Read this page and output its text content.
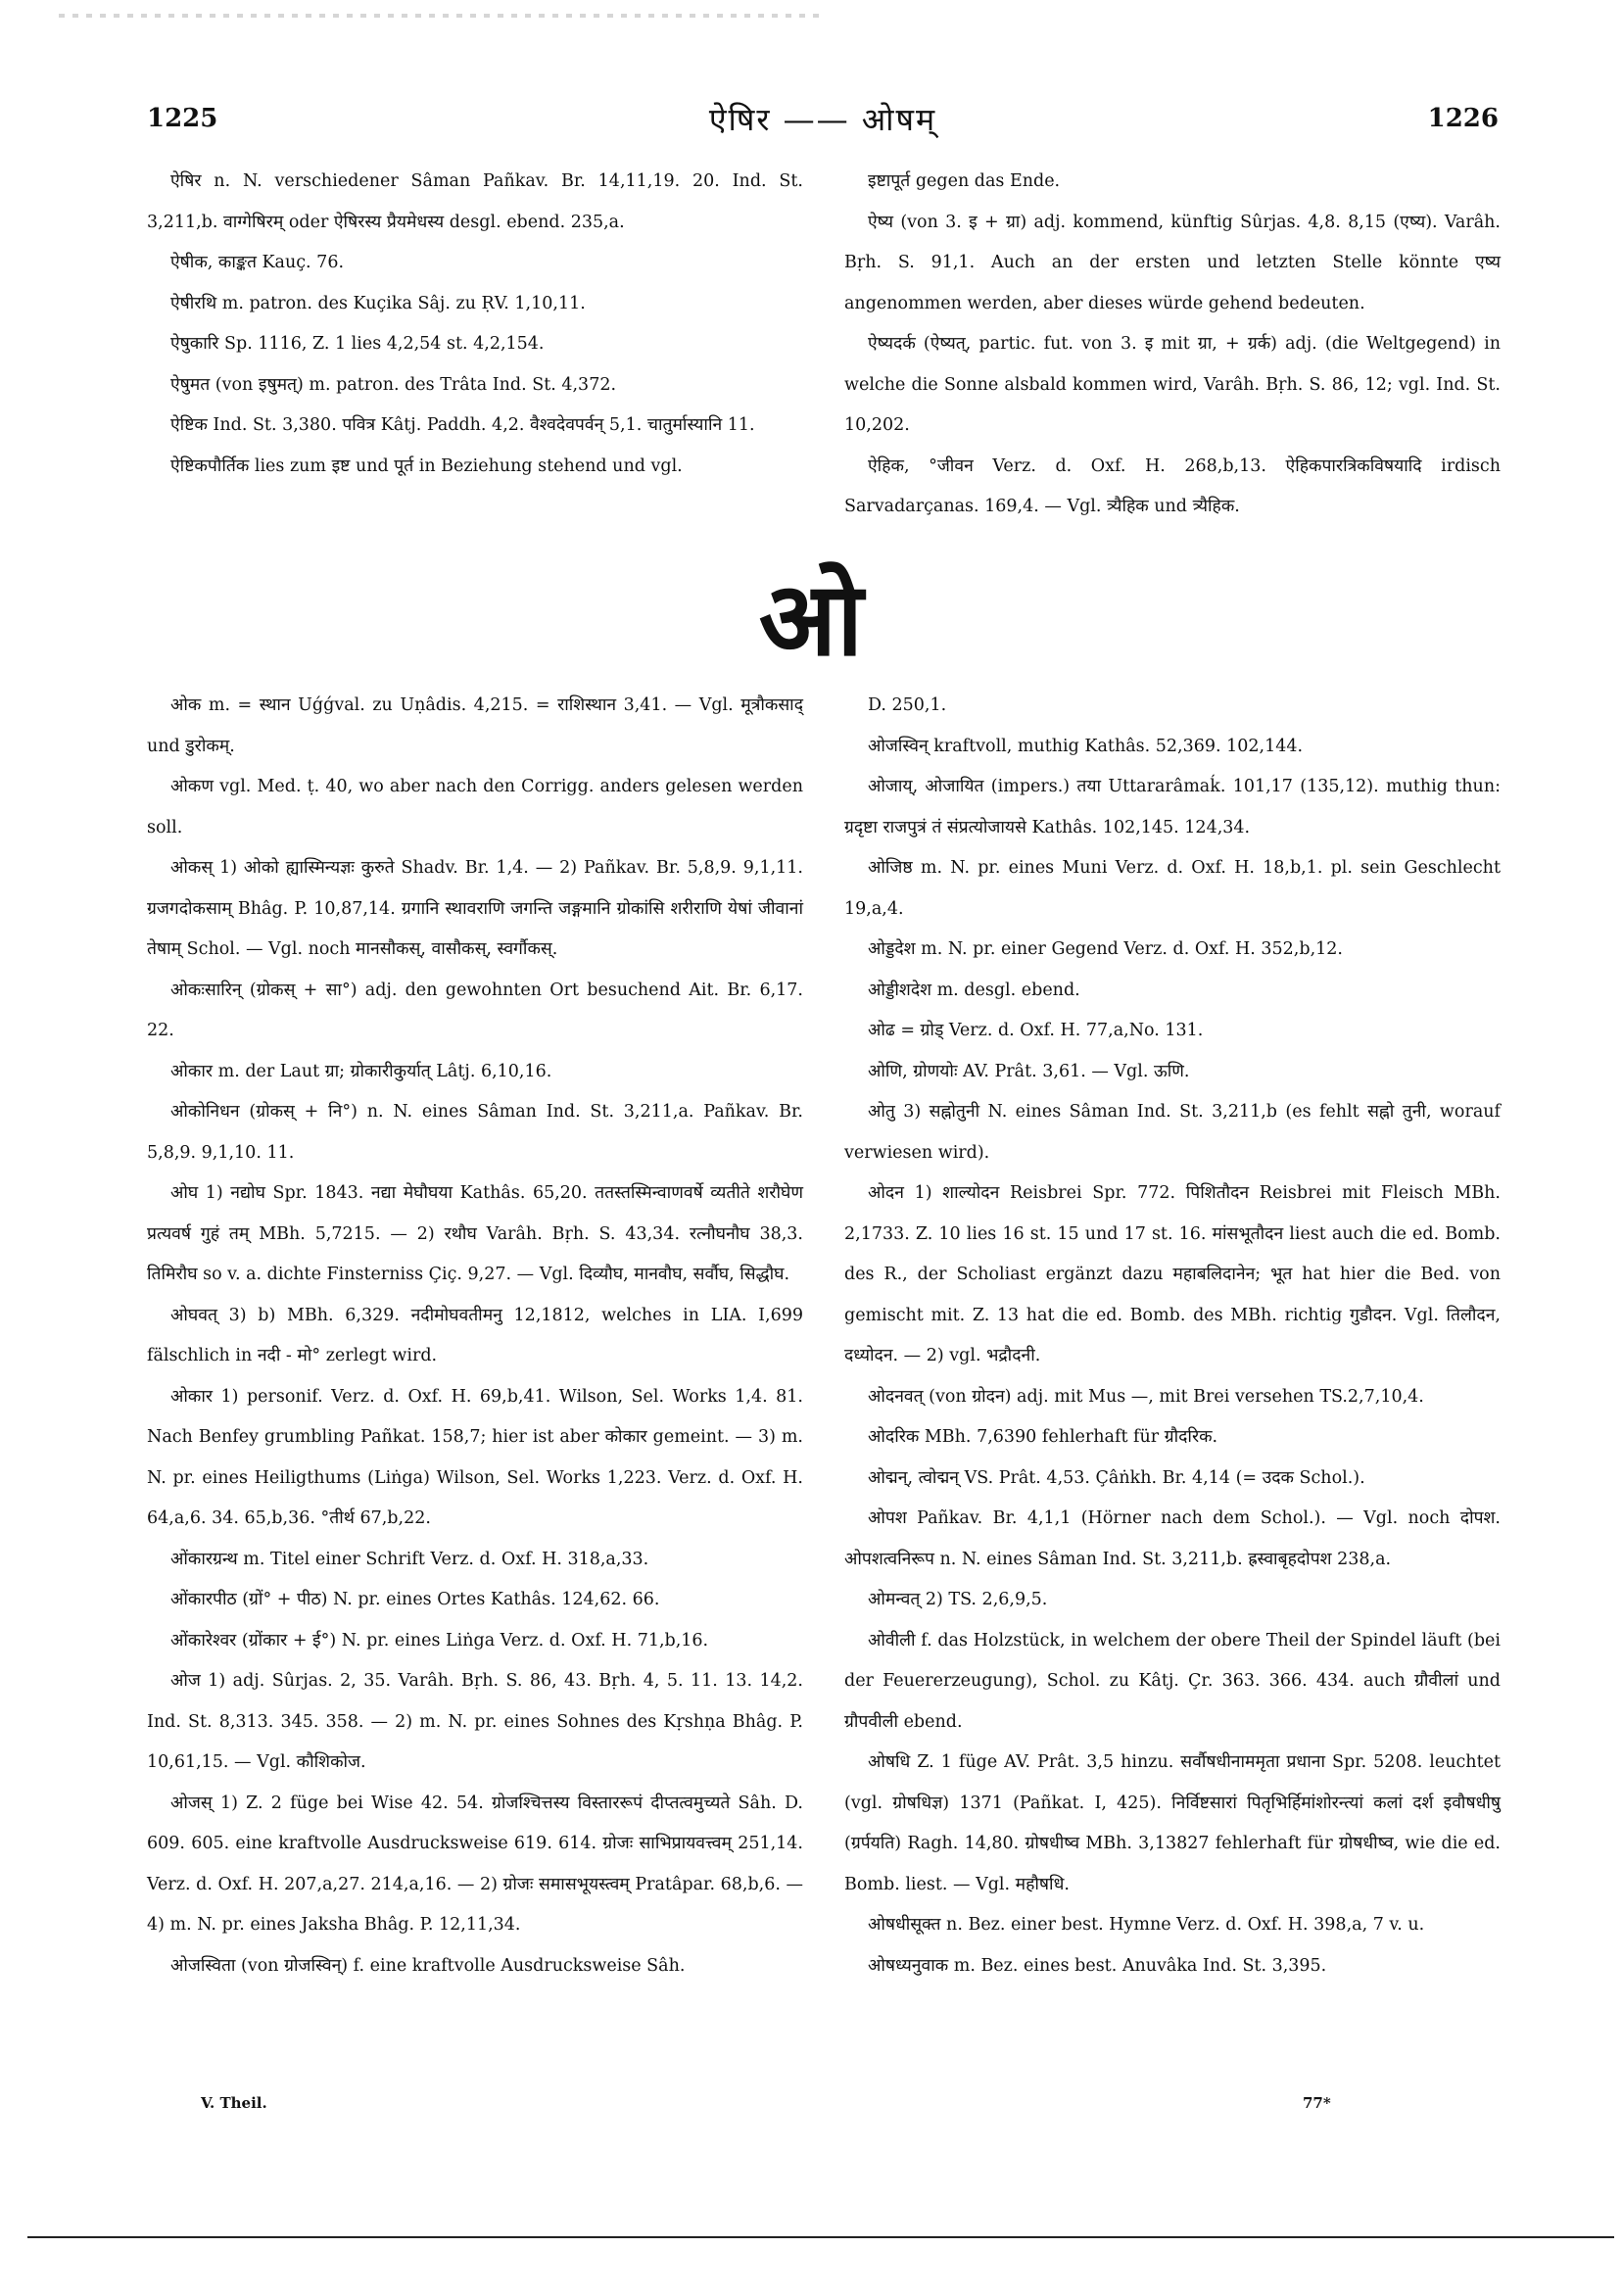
1225	ऐषिर —— ओषम्	1226

ऐषिर n. N. verschiedener Sâman Pañkav. Br. 14,11,19. 20. Ind. St. 3,211,b. वाग्गेषिरम् oder ऐषिरस्य प्रैयमेधस्य desgl. ebend. 235,a.

ऐषीक, काङ्कत Kauç. 76.

ऐषीरथि m. patron. des Kuçika Sâj. zu ṚV. 1,10,11.

ऐषुकारि Sp. 1116, Z. 1 lies 4,2,54 st. 4,2,154.

ऐषुमत (von इषुमत्) m. patron. des Trâta Ind. St. 4,372.

ऐष्टिक Ind. St. 3,380. पवित्र Kâtj. Paddh. 4,2. वैश्वदेवपर्वन् 5,1. चातुर्मास्यानि 11.

ऐष्टिकपौर्तिक lies zum इष्ट und पूर्त in Beziehung stehend und vgl.

इष्टापूर्त gegen das Ende.

ऐष्य (von 3. इ + ग्रा) adj. kommend, künftig Sûrjas. 4,8. 8,15 (एष्य). Varâh. Bṛh. S. 91,1. Auch an der ersten und letzten Stelle könnte एष्य angenommen werden, aber dieses würde gehend bedeuten.

ऐष्यदर्क (ऐष्यत्, partic. fut. von 3. इ mit ग्रा, + ग्रर्क) adj. (die Weltgegend) in welche die Sonne alsbald kommen wird, Varâh. Bṛh. S. 86, 12; vgl. Ind. St. 10,202.

ऐहिक, °जीवन Verz. d. Oxf. H. 268,b,13. ऐहिकपारत्रिकविषयादि irdisch Sarvadarçanas. 169,4. — Vgl. त्र्यैहिक und त्र्यैहिक.

ओ

ओक m. = स्थान Uǵǵval. zu Uṇâdis. 4,215. = राशिस्थान 3,41. — Vgl. मूत्रौकसाद् und डुरोकम्.

ओकण vgl. Med. ṭ. 40, wo aber nach den Corrigg. anders gelesen werden soll.

ओकस् 1) ओको ह्यास्मिन्यज्ञः कुरुते Shadv. Br. 1,4. — 2) Pañkav. Br. 5,8,9. 9,1,11. ग्रजगदोकसाम् Bhâg. P. 10,87,14. ग्रगानि स्थावराणि जगन्ति जङ्गमानि ग्रोकांसि शरीराणि येषां जीवानां तेषाम् Schol. — Vgl. noch मानसौकस्, वासौकस्, स्वर्गौकस्.

ओकःसारिन् (ग्रोकस् + सा°) adj. den gewohnten Ort besuchend Ait. Br. 6,17. 22.

ओकार m. der Laut ग्रा; ग्रोकारीकुर्यात् Lâtj. 6,10,16.

ओकोनिधन (ग्रोकस् + नि°) n. N. eines Sâman Ind. St. 3,211,a. Pañkav. Br. 5,8,9. 9,1,10. 11.

ओघ 1) नद्योघ Spr. 1843. नद्या मेघौघया Kathâs. 65,20. ततस्तस्मिन्वाणवर्षे व्यतीते शरौघेण प्रत्यवर्ष गुहं तम् MBh. 5,7215. — 2) रथौघ Varâh. Bṛh. S. 43,34. रत्नौघनौघ 38,3. तिमिरौघ so v. a. dichte Finsterniss Çiç. 9,27. — Vgl. दिव्यौघ, मानवौघ, सर्वौघ, सिद्धौघ.

ओघवत् 3) b) MBh. 6,329. नदीमोघवतीमनु 12,1812, welches in LIA. I,699 fälschlich in नदी - मो° zerlegt wird.

ओकार 1) personif. Verz. d. Oxf. H. 69,b,41. Wilson, Sel. Works 1,4. 81. Nach Benfey grumbling Pañkat. 158,7; hier ist aber कोकार gemeint. — 3) m. N. pr. eines Heiligthums (Liṅga) Wilson, Sel. Works 1,223. Verz. d. Oxf. H. 64,a,6. 34. 65,b,36. °तीर्थ 67,b,22.

ओंकारग्रन्थ m. Titel einer Schrift Verz. d. Oxf. H. 318,a,33.

ओंकारपीठ (ग्रों° + पीठ) N. pr. eines Ortes Kathâs. 124,62. 66.

ओंकारेश्वर (ग्रोंकार + ई°) N. pr. eines Liṅga Verz. d. Oxf. H. 71,b,16.

ओज 1) adj. Sûrjas. 2, 35. Varâh. Bṛh. S. 86, 43. Bṛh. 4, 5. 11. 13. 14,2. Ind. St. 8,313. 345. 358. — 2) m. N. pr. eines Sohnes des Kṛshṇa Bhâg. P. 10,61,15. — Vgl. कौशिकोज.

ओजस् 1) Z. 2 füge bei Wise 42. 54. ग्रोजश्चित्तस्य विस्ताररूपं दीप्तत्वमुच्यते Sâh. D. 609. 605. eine kraftvolle Ausdrucksweise 619. 614. ग्रोजः साभिप्रायवत्त्वम् 251,14. Verz. d. Oxf. H. 207,a,27. 214,a,16. — 2) ग्रोजः समासभूयस्त्वम् Pratâpar. 68,b,6. — 4) m. N. pr. eines Jaksha Bhâg. P. 12,11,34.

ओजस्विता (von ग्रोजस्विन्) f. eine kraftvolle Ausdrucksweise Sâh.

D. 250,1.

ओजस्विन् kraftvoll, muthig Kathâs. 52,369. 102,144.

ओजाय्, ओजायित (impers.) तया Uttararâmaḱ. 101,17 (135,12). muthig thun: ग्रदृष्टा राजपुत्रं तं संप्रत्योजायसे Kathâs. 102,145. 124,34.

ओजिष्ठ m. N. pr. eines Muni Verz. d. Oxf. H. 18,b,1. pl. sein Geschlecht 19,a,4.

ओड्डदेश m. N. pr. einer Gegend Verz. d. Oxf. H. 352,b,12.

ओड्डीशदेश m. desgl. ebend.

ओढ = ग्रोड् Verz. d. Oxf. H. 77,a,No. 131.

ओणि, ग्रोणयोः AV. Prât. 3,61. — Vgl. ऊणि.

ओतु 3) सह्नोतुनी N. eines Sâman Ind. St. 3,211,b (es fehlt सह्नो तुनी, worauf verwiesen wird).

ओदन 1) शाल्योदन Reisbrei Spr. 772. पिशितौदन Reisbrei mit Fleisch MBh. 2,1733. Z. 10 lies 16 st. 15 und 17 st. 16. मांसभूतौदन liest auch die ed. Bomb. des R., der Scholiast ergänzt dazu महाबलिदानेन; भूत hat hier die Bed. von gemischt mit. Z. 13 hat die ed. Bomb. des MBh. richtig गुडौदन. Vgl. तिलौदन, दध्योदन. — 2) vgl. भद्रौदनी.

ओदनवत् (von ग्रोदन) adj. mit Mus —, mit Brei versehen TS.2,7,10,4.

ओदरिक MBh. 7,6390 fehlerhaft für ग्रौदरिक.

ओद्मन्, त्वोद्मन् VS. Prât. 4,53. Çâṅkh. Br. 4,14 (= उदक Schol.).

ओपश Pañkav. Br. 4,1,1 (Hörner nach dem Schol.). — Vgl. noch दोपश. ओपशत्वनिरूप n. N. eines Sâman Ind. St. 3,211,b. ह्रस्वाबृहदोपश 238,a.

ओमन्वत् 2) TS. 2,6,9,5.

ओवीली f. das Holzstück, in welchem der obere Theil der Spindel läuft (bei der Feuererzeugung), Schol. zu Kâtj. Çr. 363. 366. 434. auch ग्रौवीलां und ग्रौपवीली ebend.

ओषधि Z. 1 füge AV. Prât. 3,5 hinzu. सर्वौषधीनाममृता प्रधाना Spr. 5208. leuchtet (vgl. ग्रोषधिज्ञ) 1371 (Pañkat. I, 425). निर्विष्टसारां पितृभिर्हिमांशोरन्त्यां कलां दर्श इवौषधीषु (ग्रर्पयति) Ragh. 14,80. ग्रोषधीष्व MBh. 3,13827 fehlerhaft für ग्रोषधीष्व, wie die ed. Bomb. liest. — Vgl. महौषधि.

ओषधीसूक्त n. Bez. einer best. Hymne Verz. d. Oxf. H. 398,a, 7 v. u.

ओषध्यनुवाक m. Bez. eines best. Anuvâka Ind. St. 3,395.

V. Theil.	77*
